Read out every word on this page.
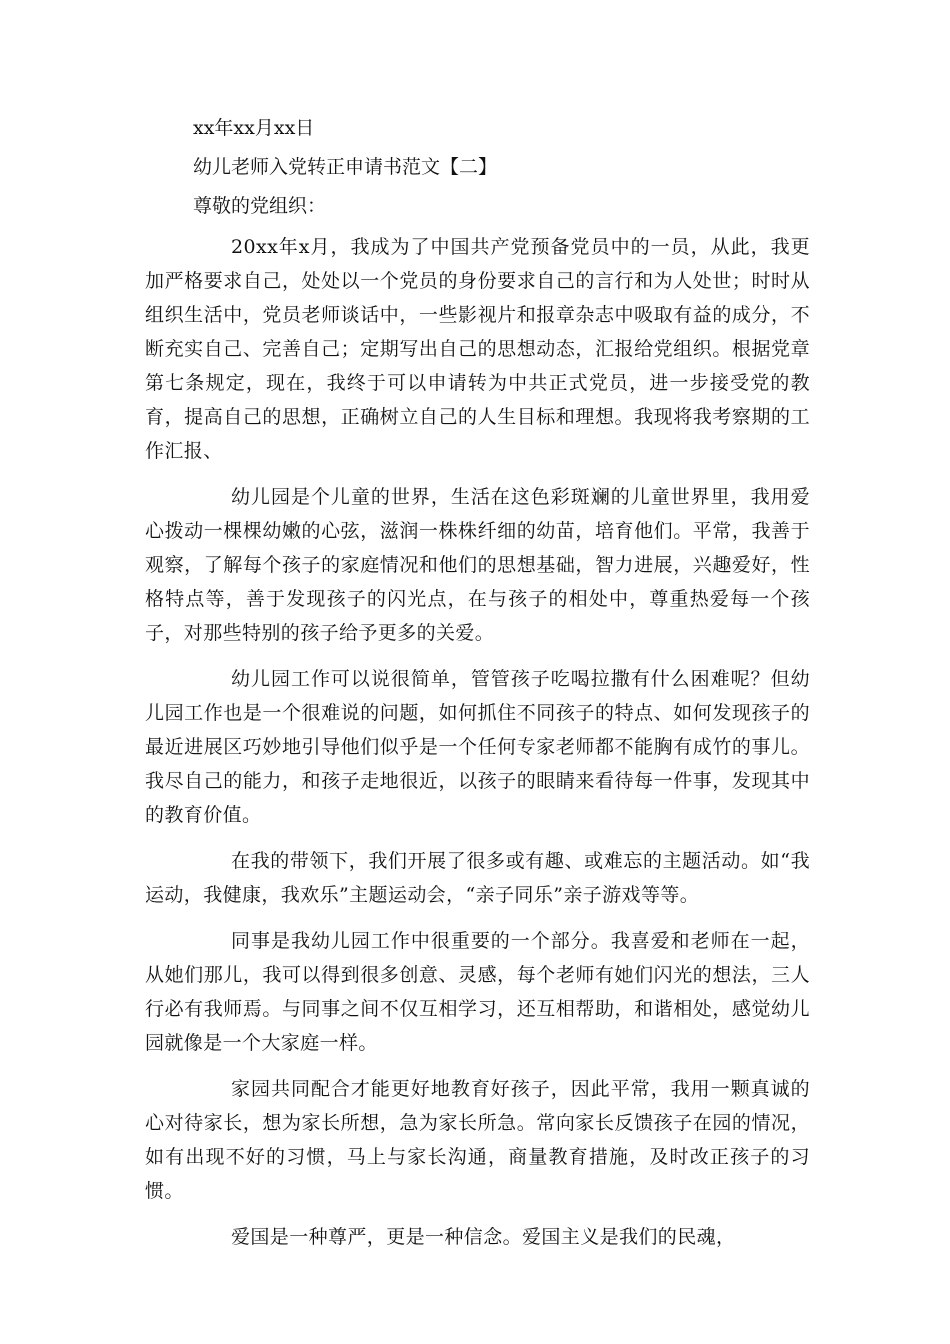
xx年xx月xx日

幼儿老师入党转正申请书范文【二】

尊敬的党组织：

20xx年x月，我成为了中国共产党预备党员中的一员，从此，我更加严格要求自己，处处以一个党员的身份要求自己的言行和为人处世；时时从组织生活中，党员老师谈话中，一些影视片和报章杂志中吸取有益的成分，不断充实自己、完善自己；定期写出自己的思想动态，汇报给党组织。根据党章第七条规定，现在，我终于可以申请转为中共正式党员，进一步接受党的教育，提高自己的思想，正确树立自己的人生目标和理想。我现将我考察期的工作汇报、

幼儿园是个儿童的世界，生活在这色彩斑斓的儿童世界里，我用爱心拨动一棵棵幼嫩的心弦，滋润一株株纤细的幼苗，培育他们。平常，我善于观察，了解每个孩子的家庭情况和他们的思想基础，智力进展，兴趣爱好，性格特点等，善于发现孩子的闪光点，在与孩子的相处中，尊重热爱每一个孩子，对那些特别的孩子给予更多的关爱。

幼儿园工作可以说很简单，管管孩子吃喝拉撒有什么困难呢？但幼儿园工作也是一个很难说的问题，如何抓住不同孩子的特点、如何发现孩子的最近进展区巧妙地引导他们似乎是一个任何专家老师都不能胸有成竹的事儿。我尽自己的能力，和孩子走地很近，以孩子的眼睛来看待每一件事，发现其中的教育价值。

在我的带领下，我们开展了很多或有趣、或难忘的主题活动。如“我运动，我健康，我欢乐”主题运动会，“亲子同乐”亲子游戏等等。

同事是我幼儿园工作中很重要的一个部分。我喜爱和老师在一起，从她们那儿，我可以得到很多创意、灵感，每个老师有她们闪光的想法，三人行必有我师焉。与同事之间不仅互相学习，还互相帮助，和谐相处，感觉幼儿园就像是一个大家庭一样。

家园共同配合才能更好地教育好孩子，因此平常，我用一颗真诚的心对待家长，想为家长所想，急为家长所急。常向家长反馈孩子在园的情况，如有出现不好的习惯，马上与家长沟通，商量教育措施，及时改正孩子的习惯。

爱国是一种尊严，更是一种信念。爱国主义是我们的民魂，
